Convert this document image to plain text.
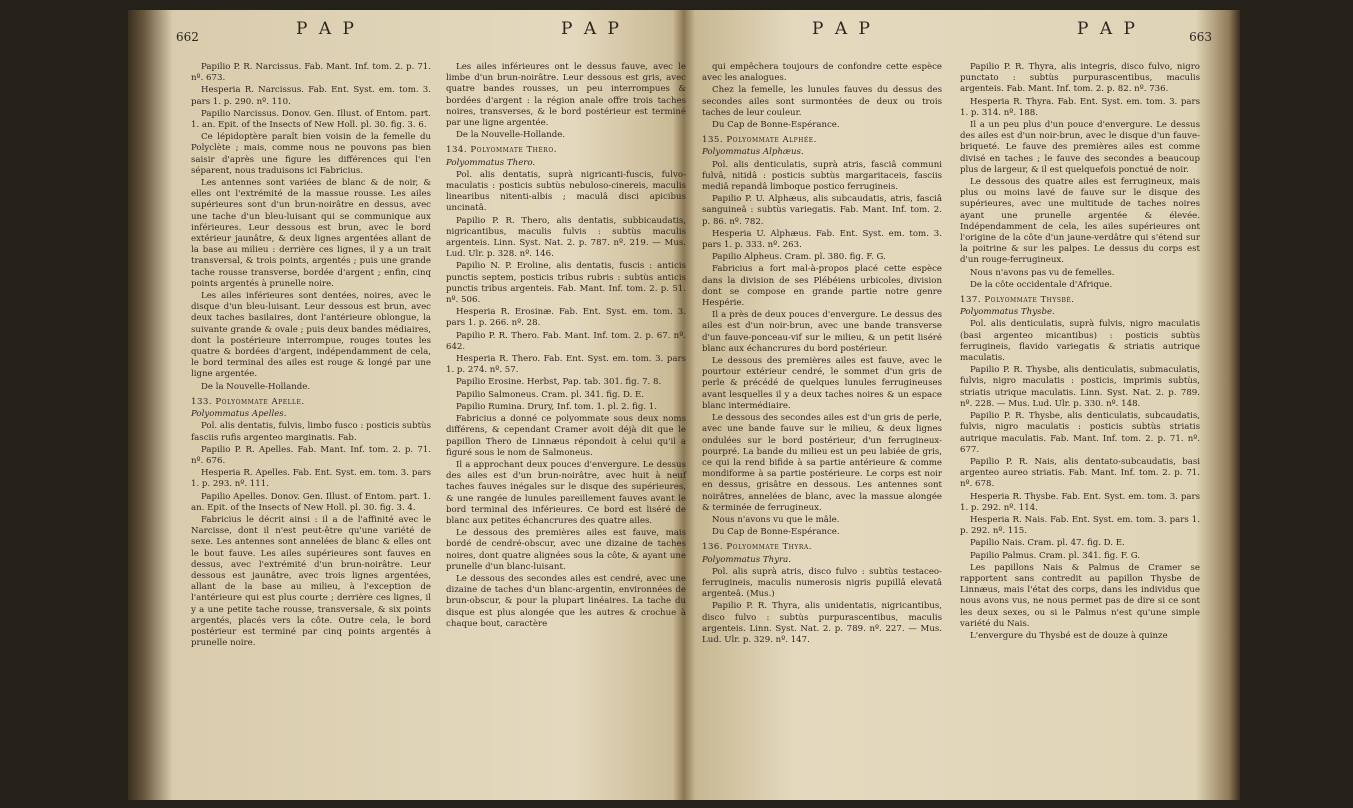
662	P A P	P A P

Papilio P. R. Narcissus. Fab. Mant. Inf. tom. 2. p. 71. nº. 673.

Hesperia R. Narcissus. Fab. Ent. Syst. em. tom. 3. pars 1. p. 290. nº. 110.

Papilio Narcissus. Donov. Gen. Illust. of Entom. part. 1. an. Epit. of the Insects of New Holl. pl. 30. fig. 3. 6.

Ce lépidoptère paraît bien voisin de la femelle du Polyclète ; mais, comme nous ne pouvons pas bien saisir d'après une figure les différences qui l'en séparent, nous traduisons ici Fabricius.

Les antennes sont variées de blanc & de noir, & elles ont l'extrémité de la massue rousse. Les ailes supérieures sont d'un brun-noirâtre en dessus, avec une tache d'un bleu-luisant qui se communique aux inférieures. Leur dessous est brun, avec le bord extérieur jaunâtre, & deux lignes argentées allant de la base au milieu : derrière ces lignes, il y a un trait transversal, & trois points, argentés ; puis une grande tache rousse transverse, bordée d'argent ; enfin, cinq points argentés à prunelle noire.

Les ailes inférieures sont dentées, noires, avec le disque d'un bleu-luisant. Leur dessous est brun, avec deux taches basilaires, dont l'antérieure oblongue, la suivante grande & ovale ; puis deux bandes médiaires, dont la postérieure interrompue, rouges toutes les quatre & bordées d'argent, indépendamment de cela, le bord terminal des ailes est rouge & longé par une ligne argentée.

De la Nouvelle-Hollande.

133. Polyommate Apelle.

Polyommatus Apelles.

Pol. alis dentatis, fulvis, limbo fusco : posticis subtùs fasciis rufis argenteo marginatis. Fab.

Papilio P. R. Apelles. Fab. Mant. Inf. tom. 2. p. 71. nº. 676.

Hesperia R. Apelles. Fab. Ent. Syst. em. tom. 3. pars 1. p. 293. nº. 111.

Papilio Apelles. Donov. Gen. Illust. of Entom. part. 1. an. Epit. of the Insects of New Holl. pl. 30. fig. 3. 4.

Fabricius le décrit ainsi : il a de l'affinité avec le Narcisse, dont il n'est peut-être qu'une variété de sexe. Les antennes sont annelées de blanc & elles ont le bout fauve. Les ailes supérieures sont fauves en dessus, avec l'extrémité d'un brun-noirâtre. Leur dessous est jaunâtre, avec trois lignes argentées, allant de la base au milieu, à l'exception de l'antérieure qui est plus courte ; derrière ces lignes, il y a une petite tache rousse, transversale, & six points argentés, placés vers la côte. Outre cela, le bord postérieur est terminé par cinq points argentés à prunelle noire.

Les ailes inférieures ont le dessus fauve, avec le limbe d'un brun-noirâtre. Leur dessous est gris, avec quatre bandes rousses, un peu interrompues & bordées d'argent : la région anale offre trois taches noires, transverses, & le bord postérieur est terminé par une ligne argentée.

De la Nouvelle-Hollande.

134. Polyommate Théro.

Polyommatus Thero.

Pol. alis dentatis, suprà nigricanti-fuscis, fulvo-maculatis : posticis subtùs nebuloso-cinereis, maculis linearibus nitenti-albis ; maculâ disci apicibus uncinatâ.

Papilio P. R. Thero, alis dentatis, subbicaudatis, nigricantibus, maculis fulvis : subtùs maculis argenteis. Linn. Syst. Nat. 2. p. 787. nº. 219. — Mus. Lud. Ulr. p. 328. nº. 146.

Papilio N. P. Eroline, alis dentatis, fuscis : anticis punctis septem, posticis tribus rubris : subtùs anticis punctis tribus argenteis. Fab. Mant. Inf. tom. 2. p. 51. nº. 506.

Hesperia R. Erosinæ. Fab. Ent. Syst. em. tom. 3. pars 1. p. 266. nº. 28.

Papilio P. R. Thero. Fab. Mant. Inf. tom. 2. p. 67. nº. 642.

Hesperia R. Thero. Fab. Ent. Syst. em. tom. 3. pars 1. p. 274. nº. 57.

Papilio Erosine. Herbst, Pap. tab. 301. fig. 7. 8.

Papilio Salmoneus. Cram. pl. 341. fig. D. E.

Papilio Rumina. Drury, Inf. tom. 1. pl. 2. fig. 1.

Fabricius a donné ce polyommate sous deux noms différens, & cependant Cramer avoit déjà dit que le papillon Thero de Linnæus répondoit à celui qu'il a figuré sous le nom de Salmoneus.

Il a approchant deux pouces d'envergure. Le dessus des ailes est d'un brun-noirâtre, avec huit à neuf taches fauves inégales sur le disque des supérieures, & une rangée de lunules pareillement fauves avant le bord terminal des inférieures. Ce bord est liséré de blanc aux petites échancrures des quatre ailes.

Le dessous des premières ailes est fauve, mais bordé de cendré-obscur, avec une dizaine de taches noires, dont quatre alignées sous la côte, & ayant une prunelle d'un blanc-luisant.

Le dessous des secondes ailes est cendré, avec une dizaine de taches d'un blanc-argentin, environnées de brun-obscur, & pour la plupart linéaires. La tache du disque est plus alongée que les autres & crochue à chaque bout, caractère

663
P A P	P A P

qui empêchera toujours de confondre cette espèce avec les analogues.

Chez la femelle, les lunules fauves du dessus des secondes ailes sont surmontées de deux ou trois taches de leur couleur.

Du Cap de Bonne-Espérance.

135. Polyommate Alphée.

Polyommatus Alphæus.

Pol. alis denticulatis, suprà atris, fasciâ communi fulvâ, nitidâ : posticis subtùs margaritaceis, fasciis mediâ repandâ limboque postico ferrugineis.

Papilio P. U. Alphæus, alis subcaudatis, atris, fasciâ sanguineâ : subtùs variegatis. Fab. Mant. Inf. tom. 2. p. 86. nº. 782.

Hesperia U. Alphæus. Fab. Ent. Syst. em. tom. 3. pars 1. p. 333. nº. 263.

Papilio Alpheus. Cram. pl. 380. fig. F. G.

Fabricius a fort mal-à-propos placé cette espèce dans la division de ses Plébéiens urbicoles, division dont se compose en grande partie notre genre Hespérie.

Il a près de deux pouces d'envergure. Le dessus des ailes est d'un noir-brun, avec une bande transverse d'un fauve-ponceau-vif sur le milieu, & un petit liséré blanc aux échancrures du bord postérieur.

Le dessous des premières ailes est fauve, avec le pourtour extérieur cendré, le sommet d'un gris de perle & précédé de quelques lunules ferrugineuses avant lesquelles il y a deux taches noires & un espace blanc intermédiaire.

Le dessous des secondes ailes est d'un gris de perle, avec une bande fauve sur le milieu, & deux lignes ondulées sur le bord postérieur, d'un ferrugineux-pourpré. La bande du milieu est un peu labiée de gris, ce qui la rend bifide à sa partie antérieure & comme mondiforme à sa partie postérieure. Le corps est noir en dessus, grisâtre en dessous. Les antennes sont noirâtres, annelées de blanc, avec la massue alongée & terminée de ferrugineux.

Nous n'avons vu que le mâle.

Du Cap de Bonne-Espérance.

136. Polyommate Thyra.

Polyommatus Thyra.

Pol. alis suprà atris, disco fulvo : subtùs testaceo-ferrugineis, maculis numerosis nigris pupillâ elevatâ argenteâ. (Mus.)

Papilio P. R. Thyra, alis unidentatis, nigricantibus, disco fulvo : subtùs purpurascentibus, maculis argenteis. Linn. Syst. Nat. 2. p. 789. nº. 227. — Mus. Lud. Ulr. p. 329. nº. 147.

Papilio P. R. Thyra, alis integris, disco fulvo, nigro punctato : subtùs purpurascentibus, maculis argenteis. Fab. Mant. Inf. tom. 2. p. 82. nº. 736.

Hesperia R. Thyra. Fab. Ent. Syst. em. tom. 3. pars 1. p. 314. nº. 188.

Il a un peu plus d'un pouce d'envergure. Le dessus des ailes est d'un noir-brun, avec le disque d'un fauve-briqueté. Le fauve des premières ailes est comme divisé en taches ; le fauve des secondes a beaucoup plus de largeur, & il est quelquefois ponctué de noir.

Le dessous des quatre ailes est ferrugineux, mais plus ou moins lavé de fauve sur le disque des supérieures, avec une multitude de taches noires ayant une prunelle argentée & élevée. Indépendamment de cela, les ailes supérieures ont l'origine de la côte d'un jaune-verdâtre qui s'étend sur la poitrine & sur les palpes. Le dessus du corps est d'un rouge-ferrugineux.

Nous n'avons pas vu de femelles.

De la côte occidentale d'Afrique.

137. Polyommate Thysbé.

Polyommatus Thysbe.

Pol. alis denticulatis, suprà fulvis, nigro maculatis (basi argenteo micantibus) : posticis subtùs ferrugineis, flavido variegatis & striatis autrique maculatis.

Papilio P. R. Thysbe, alis denticulatis, submaculatis, fulvis, nigro maculatis : posticis, imprimis subtùs, striatis utrique maculatis. Linn. Syst. Nat. 2. p. 789. nº. 228. — Mus. Lud. Ulr. p. 330. nº. 148.

Papilio P. R. Thysbe, alis denticulatis, subcaudatis, fulvis, nigro maculatis : posticis subtùs striatis autrique maculatis. Fab. Mant. Inf. tom. 2. p. 71. nº. 677.

Papilio P. R. Nais, alis dentato-subcaudatis, basi argenteo aureo striatis. Fab. Mant. Inf. tom. 2. p. 71. nº. 678.

Hesperia R. Thysbe. Fab. Ent. Syst. em. tom. 3. pars 1. p. 292. nº. 114.

Hesperia R. Nais. Fab. Ent. Syst. em. tom. 3. pars 1. p. 292. nº. 115.

Papilio Nais. Cram. pl. 47. fig. D. E.

Papilio Palmus. Cram. pl. 341. fig. F. G.

Les papillons Nais & Palmus de Cramer se rapportent sans contredit au papillon Thysbe de Linnæus, mais l'état des corps, dans les individus que nous avons vus, ne nous permet pas de dire si ce sont les deux sexes, ou si le Palmus n'est qu'une simple variété du Nais.

L'envergure du Thysbé est de douze à quinze
